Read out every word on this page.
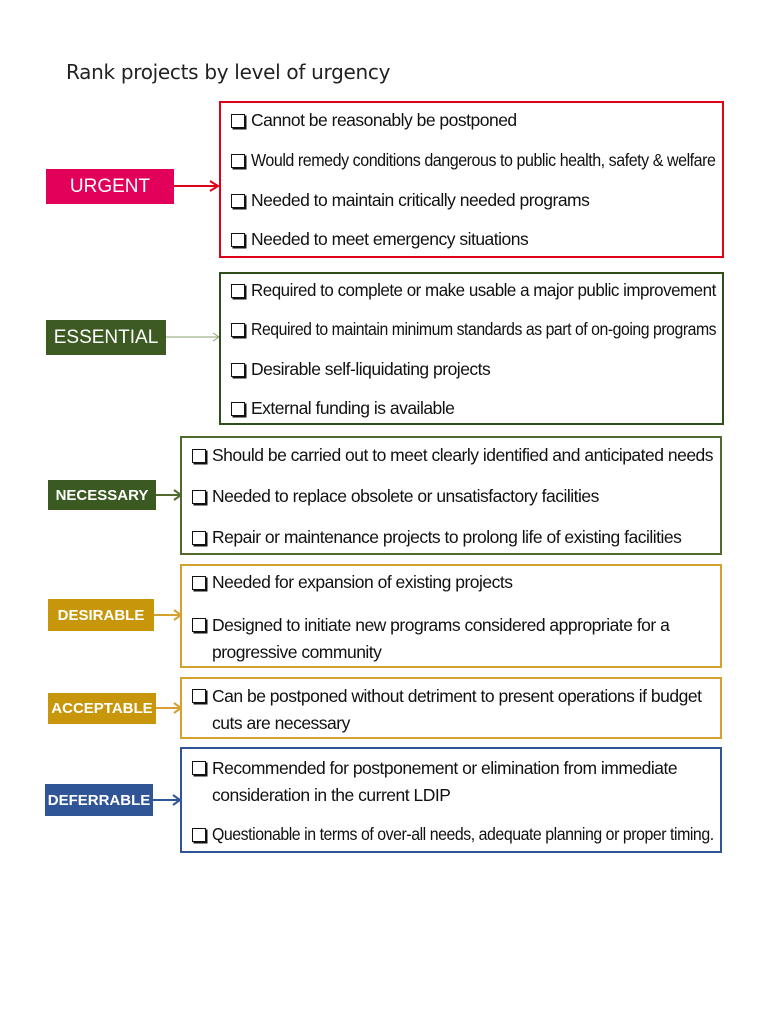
Rank projects by level of urgency
URGENT
Cannot be reasonably be postponed
Would remedy conditions dangerous to public health, safety & welfare
Needed to maintain critically needed programs
Needed to meet emergency situations
ESSENTIAL
Required to complete or make usable a major public improvement
Required to maintain minimum standards as part of on-going programs
Desirable self-liquidating projects
External funding is available
NECESSARY
Should be carried out to meet clearly identified and anticipated needs
Needed to replace obsolete or unsatisfactory facilities
Repair or maintenance projects to prolong life of existing facilities
DESIRABLE
Needed for expansion of existing projects
Designed to initiate new programs considered appropriate for a progressive community
ACCEPTABLE
Can be postponed without detriment to present operations if budget cuts are necessary
DEFERRABLE
Recommended for postponement or elimination from immediate consideration in the current LDIP
Questionable in terms of over-all needs, adequate planning or proper timing.
